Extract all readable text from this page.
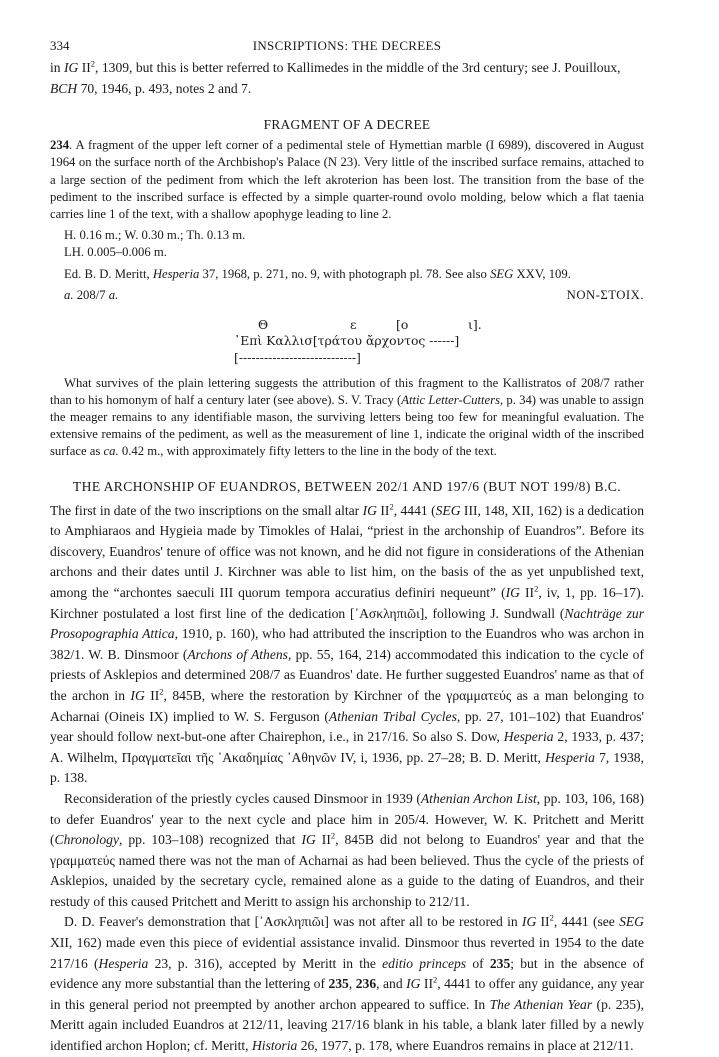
334	INSCRIPTIONS: THE DECREES

in IG $II^2$, 1309, but this is better referred to Kallimedes in the middle of the 3rd century; see J. Pouilloux,
BCH 70, 1946, p. 493, notes 2 and 7.

FRAGMENT OF A DECREE

234. A fragment of the upper left corner of a pedimental stele of Hymettian marble (I 6989), discovered in August 1964 on the surface north of the Archbishop's Palace (N 23). Very little of the inscribed surface remains, attached to a large section of the pediment from which the left akroterion has been lost. The transition from the base of the pediment to the inscribed surface is effected by a simple quarter-round ovolo molding, below which a flat taenia carries line 1 of the text, with a shallow apophyge leading to line 2.

H. 0.16 m.; W. 0.30 m.; Th. 0.13 m.
LH. 0.005–0.006 m.
Ed. B. D. Meritt, Hesperia 37, 1968, p. 271, no. 9, with photograph pl. 78. See also SEG XXV, 109.
a. 208/7 a.	NON-ΣΤΟΙΧ.

Θ

	ε

	[ο

	ι].

᾿Επὶ Καλλισ[τράτου ἄρχοντος ------]
[----------------------------]

What survives of the plain lettering suggests the attribution of this fragment to the Kallistratos of 208/7 rather than to his homonym of half a century later (see above). S. V. Tracy (Attic Letter-Cutters, p. 34) was unable to assign the meager remains to any identifiable mason, the surviving letters being too few for meaningful evaluation. The extensive remains of the pediment, as well as the measurement of line 1, indicate the original width of the inscribed surface as ca. 0.42 m., with approximately fifty letters to the line in the body of the text.

THE ARCHONSHIP OF EUANDROS, BETWEEN 202/1 AND 197/6 (BUT NOT 199/8) B.C.

The first in date of the two inscriptions on the small altar IG $II^2$, 4441 (SEG III, 148, XII, 162) is a dedication to Amphiaraos and Hygieia made by Timokles of Halai, “priest in the archonship of Euandros”. Before its discovery, Euandros' tenure of office was not known, and he did not figure in considerations of the Athenian archons and their dates until J. Kirchner was able to list him, on the basis of the as yet unpublished text, among the “archontes saeculi III quorum tempora accuratius definiri nequeunt” (IG $II^2$, iv, 1, pp. 16–17). Kirchner postulated a lost first line of the dedication [᾿Ασκληπιῶι], following J. Sundwall (Nachträge zur Prosopographia Attica, 1910, p. 160), who had attributed the inscription to the Euandros who was archon in 382/1. W. B. Dinsmoor (Archons of Athens, pp. 55, 164, 214) accommodated this indication to the cycle of priests of Asklepios and determined 208/7 as Euandros' date. He further suggested Euandros' name as that of the archon in IG $II^2$, 845B, where the restoration by Kirchner of the γραμματεύς as a man belonging to Acharnai (Oineis IX) implied to W. S. Ferguson (Athenian Tribal Cycles, pp. 27, 101–102) that Euandros' year should follow next-but-one after Chairephon, i.e., in 217/16. So also S. Dow, Hesperia 2, 1933, p. 437; A. Wilhelm, Πραγματεῖαι τῆς ᾿Ακαδημίας ᾿Αθηνῶν IV, i, 1936, pp. 27–28; B. D. Meritt, Hesperia 7, 1938, p. 138.

Reconsideration of the priestly cycles caused Dinsmoor in 1939 (Athenian Archon List, pp. 103, 106, 168) to defer Euandros' year to the next cycle and place him in 205/4. However, W. K. Pritchett and Meritt (Chronology, pp. 103–108) recognized that IG $II^2$, 845B did not belong to Euandros' year and that the γραμματεύς named there was not the man of Acharnai as had been believed. Thus the cycle of the priests of Asklepios, unaided by the secretary cycle, remained alone as a guide to the dating of Euandros, and their restudy of this caused Pritchett and Meritt to assign his archonship to 212/11.

D. D. Feaver's demonstration that [᾿Ασκληπιῶι] was not after all to be restored in IG $II^2$, 4441 (see SEG XII, 162) made even this piece of evidential assistance invalid. Dinsmoor thus reverted in 1954 to the date 217/16 (Hesperia 23, p. 316), accepted by Meritt in the editio princeps of 235; but in the absence of evidence any more substantial than the lettering of 235, 236, and IG $II^2$, 4441 to offer any guidance, any year in this general period not preempted by another archon appeared to suffice. In The Athenian Year (p. 235), Meritt again included Euandros at 212/11, leaving 217/16 blank in his table, a blank later filled by a newly identified archon Hoplon; cf. Meritt, Historia 26, 1977, p. 178, where Euandros remains in place at 212/11.
